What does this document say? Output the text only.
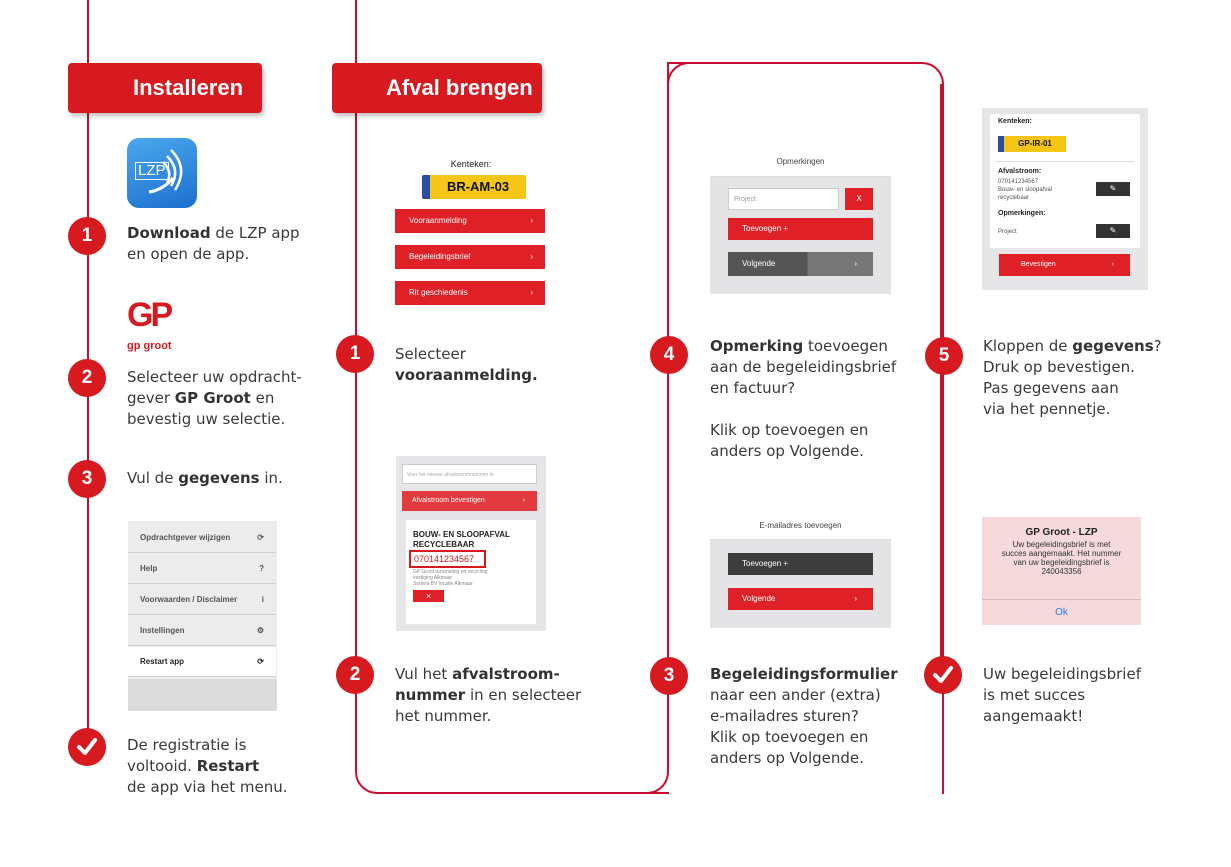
Installeren
LZP
1	Download de LZP app
en open de app.
GP
gp groot
2	Selecteer uw opdracht-
gever GP Groot en
bevestig uw selectie.
3	Vul de gegevens in.
Opdrachtgever wijzigen	⟳
Help	?
Voorwaarden / Disclaimer	i
Instellingen	⚙
Restart app	⟳
De registratie is
voltooid. Restart
de app via het menu.
Afval brengen
Kenteken:
BR-AM-03
Vooraanmelding	›
Begeleidingsbrief	›
Rit geschiedenis	›
1	Selecteer
vooraanmelding.
Voer het nieuwe afvalstroomnummer in
Afvalstroom bevestigen	›
BOUW- EN SLOOPAFVAL
RECYCLEBAAR
070141234567
GP Groot inzameling en recycling
vestiging Alkmaar
Sortera BV locatie Alkmaar
×
2	Vul het afvalstroom-
nummer in en selecteer
het nummer.
Opmerkingen
Project	X
Toevoegen +
Volgende	›
4	Opmerking toevoegen
aan de begeleidingsbrief
en factuur?

Klik op toevoegen en
anders op Volgende.
E-mailadres toevoegen
Toevoegen +
Volgende	›
3	Begeleidingsformulier
naar een ander (extra)
e-mailadres sturen?
Klik op toevoegen en
anders op Volgende.
Kenteken:
GP-IR-01
Afvalstroom:
070141234567
Bouw- en sloopafval
recyclebaar
✎
Opmerkingen:
Project	✎
Bevestigen	›
5	Kloppen de gegevens?
Druk op bevestigen.
Pas gegevens aan
via het pennetje.
GP Groot - LZP
Uw begeleidingsbrief is met
succes aangemaakt. Het nummer
van uw begeleidingsbrief is
240043356
Ok
Uw begeleidingsbrief
is met succes
aangemaakt!
